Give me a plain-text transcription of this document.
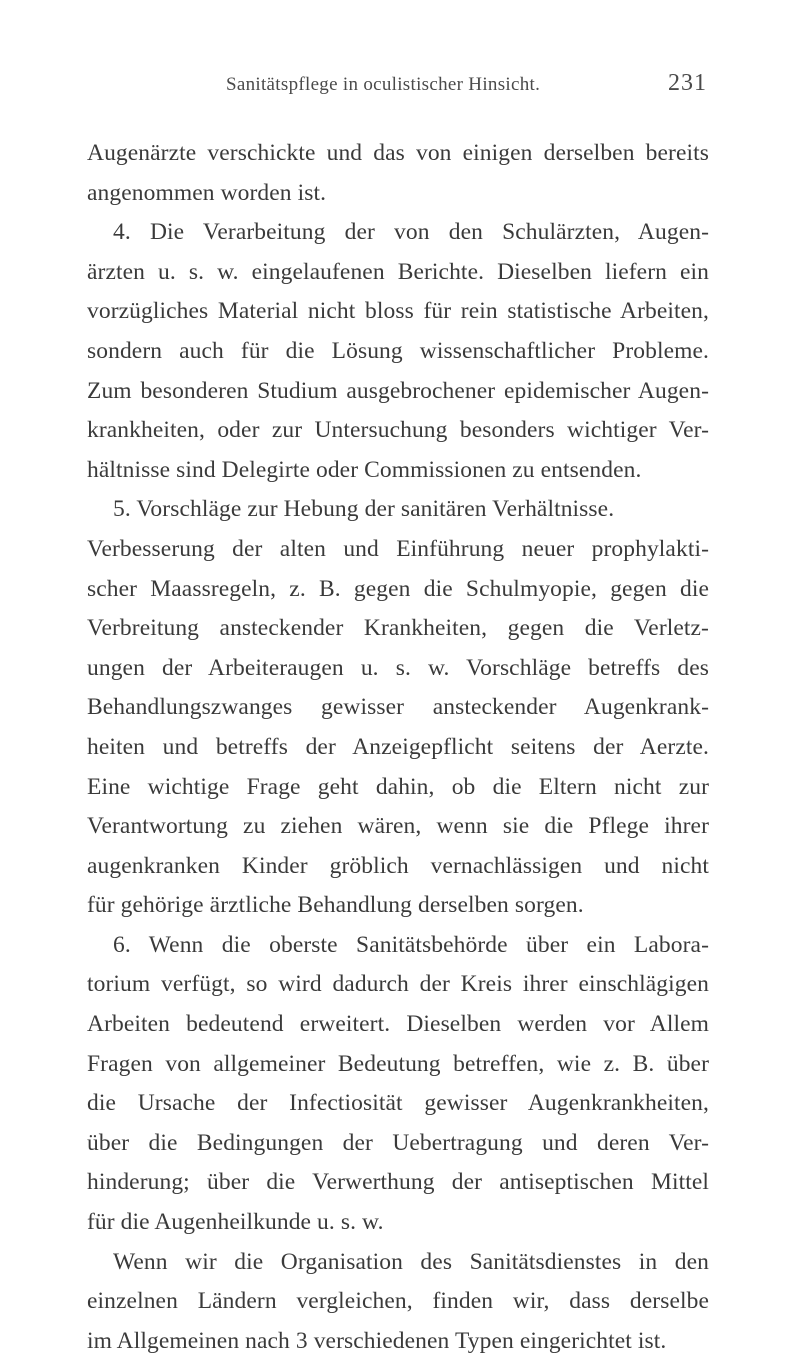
Sanitätspflege in oculistischer Hinsicht.	231
Augenärzte verschickte und das von einigen derselben bereits
angenommen worden ist.
4. Die Verarbeitung der von den Schulärzten, Augen-
ärzten u. s. w. eingelaufenen Berichte. Dieselben liefern ein
vorzügliches Material nicht bloss für rein statistische Arbeiten,
sondern auch für die Lösung wissenschaftlicher Probleme.
Zum besonderen Studium ausgebrochener epidemischer Augen-
krankheiten, oder zur Untersuchung besonders wichtiger Ver-
hältnisse sind Delegirte oder Commissionen zu entsenden.
5. Vorschläge zur Hebung der sanitären Verhältnisse.
Verbesserung der alten und Einführung neuer prophylakti-
scher Maassregeln, z. B. gegen die Schulmyopie, gegen die
Verbreitung ansteckender Krankheiten, gegen die Verletz-
ungen der Arbeiteraugen u. s. w. Vorschläge betreffs des
Behandlungszwanges gewisser ansteckender Augenkrank-
heiten und betreffs der Anzeigepflicht seitens der Aerzte.
Eine wichtige Frage geht dahin, ob die Eltern nicht zur
Verantwortung zu ziehen wären, wenn sie die Pflege ihrer
augenkranken Kinder gröblich vernachlässigen und nicht
für gehörige ärztliche Behandlung derselben sorgen.
6. Wenn die oberste Sanitätsbehörde über ein Labora-
torium verfügt, so wird dadurch der Kreis ihrer einschlägigen
Arbeiten bedeutend erweitert. Dieselben werden vor Allem
Fragen von allgemeiner Bedeutung betreffen, wie z. B. über
die Ursache der Infectiosität gewisser Augenkrankheiten,
über die Bedingungen der Uebertragung und deren Ver-
hinderung; über die Verwerthung der antiseptischen Mittel
für die Augenheilkunde u. s. w.
Wenn wir die Organisation des Sanitätsdienstes in den
einzelnen Ländern vergleichen, finden wir, dass derselbe
im Allgemeinen nach 3 verschiedenen Typen eingerichtet ist.
